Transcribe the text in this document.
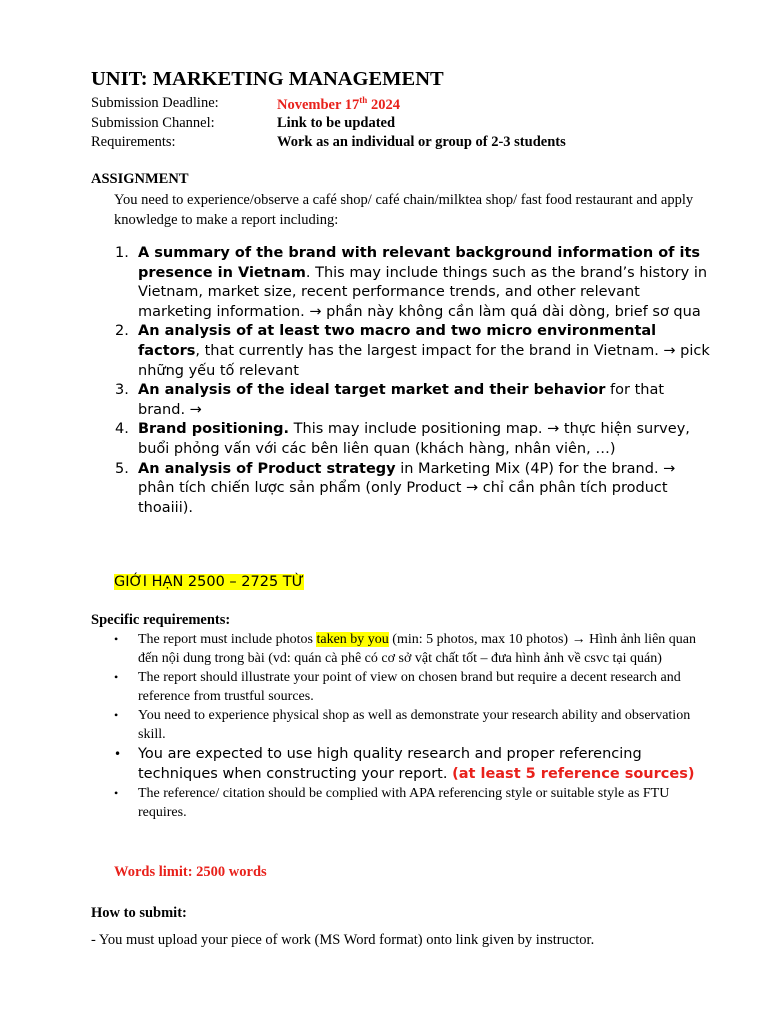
UNIT: MARKETING MANAGEMENT
Submission Deadline:	November 17th 2024
Submission Channel:	Link to be updated
Requirements:	Work as an individual or group of 2-3 students
ASSIGNMENT
You need to experience/observe a café shop/ café chain/milktea shop/ fast food restaurant and apply knowledge to make a report including:
1. A summary of the brand with relevant background information of its presence in Vietnam. This may include things such as the brand’s history in Vietnam, market size, recent performance trends, and other relevant marketing information. → phần này không cần làm quá dài dòng, brief sơ qua
2. An analysis of at least two macro and two micro environmental factors, that currently has the largest impact for the brand in Vietnam. → pick những yếu tố relevant
3. An analysis of the ideal target market and their behavior for that brand. →
4. Brand positioning. This may include positioning map. → thực hiện survey, buổi phỏng vấn với các bên liên quan (khách hàng, nhân viên, …)
5. An analysis of Product strategy in Marketing Mix (4P) for the brand. → phân tích chiến lược sản phẩm (only Product → chỉ cần phân tích product thoaiii).
GIỚI HẠN 2500 – 2725 TỪ
Specific requirements:
• The report must include photos taken by you (min: 5 photos, max 10 photos) → Hình ảnh liên quan đến nội dung trong bài (vd: quán cà phê có cơ sở vật chất tốt – đưa hình ảnh về csvc tại quán)
• The report should illustrate your point of view on chosen brand but require a decent research and reference from trustful sources.
• You need to experience physical shop as well as demonstrate your research ability and observation skill.
• You are expected to use high quality research and proper referencing techniques when constructing your report. (at least 5 reference sources)
• The reference/ citation should be complied with APA referencing style or suitable style as FTU requires.
Words limit: 2500 words
How to submit:
- You must upload your piece of work (MS Word format) onto link given by instructor.
